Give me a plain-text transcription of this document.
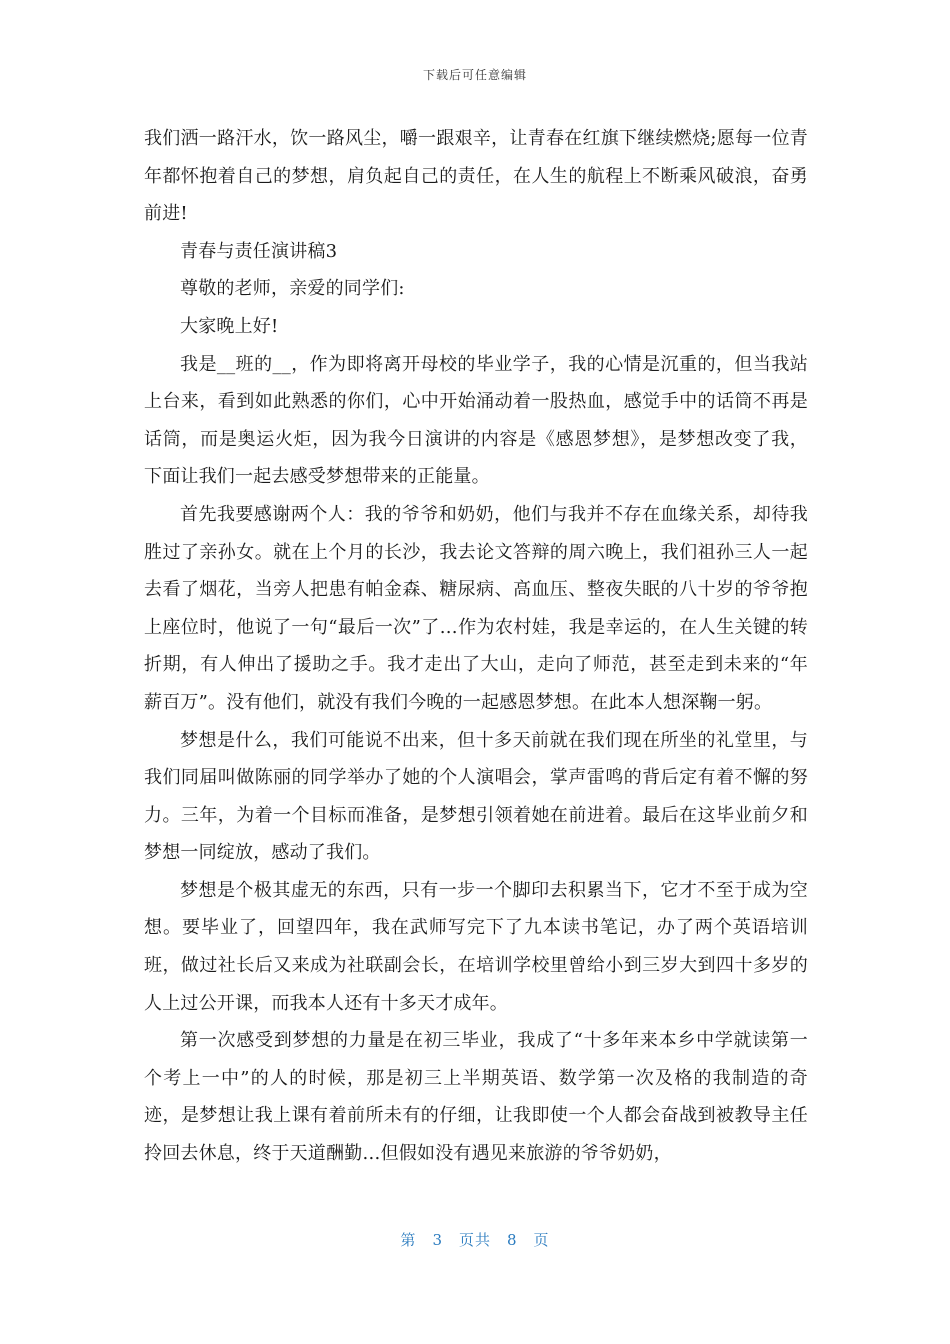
下载后可任意编辑

我们洒一路汗水，饮一路风尘，嚼一跟艰辛，让青春在红旗下继续燃烧;愿每一位青年都怀抱着自己的梦想，肩负起自己的责任，在人生的航程上不断乘风破浪，奋勇前进!

青春与责任演讲稿3

尊敬的老师，亲爱的同学们:

大家晚上好!

我是__班的__，作为即将离开母校的毕业学子，我的心情是沉重的，但当我站上台来，看到如此熟悉的你们，心中开始涌动着一股热血，感觉手中的话筒不再是话筒，而是奥运火炬，因为我今日演讲的内容是《感恩梦想》，是梦想改变了我，下面让我们一起去感受梦想带来的正能量。

首先我要感谢两个人：我的爷爷和奶奶，他们与我并不存在血缘关系，却待我胜过了亲孙女。就在上个月的长沙，我去论文答辩的周六晚上，我们祖孙三人一起去看了烟花，当旁人把患有帕金森、糖尿病、高血压、整夜失眠的八十岁的爷爷抱上座位时，他说了一句“最后一次”了…作为农村娃，我是幸运的，在人生关键的转折期，有人伸出了援助之手。我才走出了大山，走向了师范，甚至走到未来的“年薪百万”。没有他们，就没有我们今晚的一起感恩梦想。在此本人想深鞠一躬。

梦想是什么，我们可能说不出来，但十多天前就在我们现在所坐的礼堂里，与我们同届叫做陈丽的同学举办了她的个人演唱会，掌声雷鸣的背后定有着不懈的努力。三年，为着一个目标而准备，是梦想引领着她在前进着。最后在这毕业前夕和梦想一同绽放，感动了我们。

梦想是个极其虚无的东西，只有一步一个脚印去积累当下，它才不至于成为空想。要毕业了，回望四年，我在武师写完下了九本读书笔记，办了两个英语培训班，做过社长后又来成为社联副会长，在培训学校里曾给小到三岁大到四十多岁的人上过公开课，而我本人还有十多天才成年。

第一次感受到梦想的力量是在初三毕业，我成了“十多年来本乡中学就读第一个考上一中”的人的时候，那是初三上半期英语、数学第一次及格的我制造的奇迹，是梦想让我上课有着前所未有的仔细，让我即使一个人都会奋战到被教导主任拎回去休息，终于天道酬勤…但假如没有遇见来旅游的爷爷奶奶，

第 3 页共 8 页
